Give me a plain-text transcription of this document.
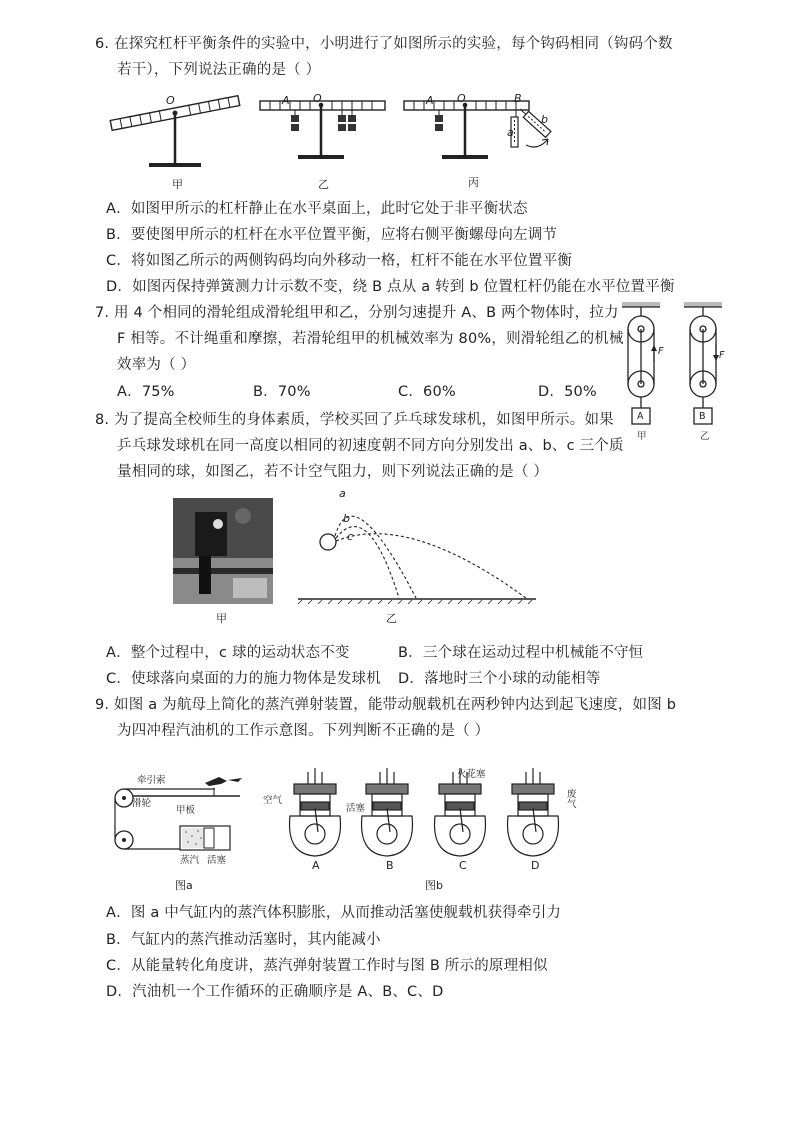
6. 在探究杠杆平衡条件的实验中，小明进行了如图所示的实验，每个钩码相同（钩码个数
若干），下列说法正确的是（ ）
O
甲
A O
乙
A O	B
a
b
丙
A．如图甲所示的杠杆静止在水平桌面上，此时它处于非平衡状态
B．要使图甲所示的杠杆在水平位置平衡，应将右侧平衡螺母向左调节
C．将如图乙所示的两侧钩码均向外移动一格，杠杆不能在水平位置平衡
D．如图丙保持弹簧测力计示数不变，绕 B 点从 a 转到 b 位置杠杆仍能在水平位置平衡
7. 用 4 个相同的滑轮组成滑轮组甲和乙，分别匀速提升 A、B 两个物体时，拉力
F 相等。不计绳重和摩擦，若滑轮组甲的机械效率为 80%，则滑轮组乙的机械
效率为（ ）
A．75%	B．70%	C．60%	D．50%
F	F
A	B
甲	乙
8. 为了提高全校师生的身体素质，学校买回了乒乓球发球机，如图甲所示。如果
乒乓球发球机在同一高度以相同的初速度朝不同方向分别发出 a、b、c 三个质
量相同的球，如图乙，若不计空气阻力，则下列说法正确的是（ ）
甲
a
b
c
乙
A．整个过程中，c 球的运动状态不变	B．三个球在运动过程中机械能不守恒
C．使球落向桌面的力的施力物体是发球机 D．落地时三个小球的动能相等
9. 如图 a 为航母上简化的蒸汽弹射装置，能带动舰载机在两秒钟内达到起飞速度，如图 b
为四冲程汽油机的工作示意图。下列判断不正确的是（ ）
牵引索
滑轮
甲板
蒸汽 活塞
图a
空气
活塞
火花塞
废气
A	B	C	D
图b
A．图 a 中气缸内的蒸汽体积膨胀，从而推动活塞使舰载机获得牵引力
B．气缸内的蒸汽推动活塞时，其内能减小
C．从能量转化角度讲，蒸汽弹射装置工作时与图 B 所示的原理相似
D．汽油机一个工作循环的正确顺序是 A、B、C、D
